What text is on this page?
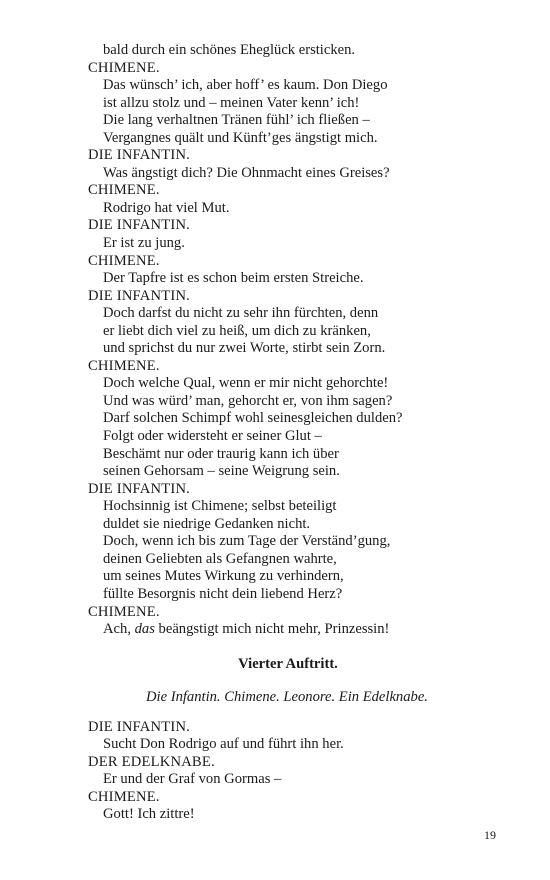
bald durch ein schönes Eheglück ersticken.
CHIMENE.
Das wünsch’ ich, aber hoff’ es kaum. Don Diego
ist allzu stolz und – meinen Vater kenn’ ich!
Die lang verhaltnen Tränen fühl’ ich fließen –
Vergangnes quält und Künft’ges ängstigt mich.
DIE INFANTIN.
Was ängstigt dich? Die Ohnmacht eines Greises?
CHIMENE.
Rodrigo hat viel Mut.
DIE INFANTIN.
Er ist zu jung.
CHIMENE.
Der Tapfre ist es schon beim ersten Streiche.
DIE INFANTIN.
Doch darfst du nicht zu sehr ihn fürchten, denn
er liebt dich viel zu heiß, um dich zu kränken,
und sprichst du nur zwei Worte, stirbt sein Zorn.
CHIMENE.
Doch welche Qual, wenn er mir nicht gehorchte!
Und was würd’ man, gehorcht er, von ihm sagen?
Darf solchen Schimpf wohl seinesgleichen dulden?
Folgt oder widersteht er seiner Glut –
Beschämt nur oder traurig kann ich über
seinen Gehorsam – seine Weigrung sein.
DIE INFANTIN.
Hochsinnig ist Chimene; selbst beteiligt
duldet sie niedrige Gedanken nicht.
Doch, wenn ich bis zum Tage der Verständ’gung,
deinen Geliebten als Gefangnen wahrte,
um seines Mutes Wirkung zu verhindern,
füllte Besorgnis nicht dein liebend Herz?
CHIMENE.
Ach, das beängstigt mich nicht mehr, Prinzessin!
Vierter Auftritt.
Die Infantin. Chimene. Leonore. Ein Edelknabe.
DIE INFANTIN.
Sucht Don Rodrigo auf und führt ihn her.
DER EDELKNABE.
Er und der Graf von Gormas –
CHIMENE.
Gott! Ich zittre!
19
